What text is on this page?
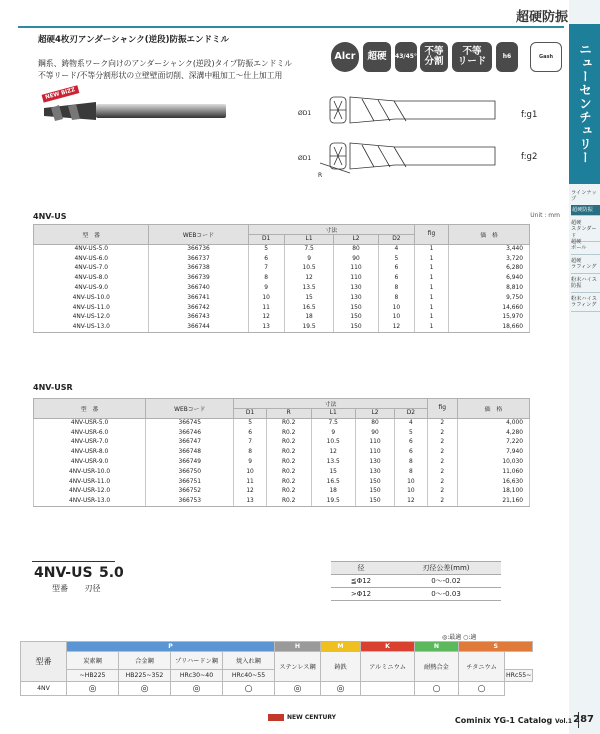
ニューセンチュリー
ラインナップ
超硬防振
超硬
スタンダード
超硬
ボール
超硬
ラフィング
粉末ハイス
防振
粉末ハイス
ラフィング
超硬防振
超硬4枚刃アンダーシャンク(逆段)防振エンドミル
鋼系、鋳物系ワーク向けのアンダーシャンク(逆段)タイプ防振エンドミル
不等リード/不等分割形状の立壁壁面切削、深溝中粗加工～仕上加工用
NEW BIZZ
Alcr	超硬	43/45° 不等
分割
不等
リード	h6	Gash
ØD1
ØD1
R
f:g1
f:g2
4NV-US	Unit : mm
型　番	WEBコード	寸法				fig	価　格
		D1	L1	L2	D2		
4NV-US-5.0	366736	5	7.5	80	4	1	3,440
4NV-US-6.0	366737	6	9	90	5	1	3,720
4NV-US-7.0	366738	7	10.5	110	6	1	6,280
4NV-US-8.0	366739	8	12	110	6	1	6,940
4NV-US-9.0	366740	9	13.5	130	8	1	8,810
4NV-US-10.0	366741	10	15	130	8	1	9,750
4NV-US-11.0	366742	11	16.5	150	10	1	14,660
4NV-US-12.0	366743	12	18	150	10	1	15,970
4NV-US-13.0	366744	13	19.5	150	12	1	18,660
4NV-USR
型　番	WEBコード	寸法					fig	価　格
		D1	R	L1	L2	D2		
4NV-USR-5.0	366745	5	R0.2	7.5	80	4	2	4,000
4NV-USR-6.0	366746	6	R0.2	9	90	5	2	4,280
4NV-USR-7.0	366747	7	R0.2	10.5	110	6	2	7,220
4NV-USR-8.0	366748	8	R0.2	12	110	6	2	7,940
4NV-USR-9.0	366749	9	R0.2	13.5	130	8	2	10,030
4NV-USR-10.0	366750	10	R0.2	15	130	8	2	11,060
4NV-USR-11.0	366751	11	R0.2	16.5	150	10	2	16,630
4NV-USR-12.0	366752	12	R0.2	18	150	10	2	18,100
4NV-USR-13.0	366753	13	R0.2	19.5	150	12	2	21,160
4NV-US 5.0
型番 刃径
径	刃径公差(mm)
≦Φ12	0～-0.02
>Φ12	0～-0.03
◎:最適 ○:適
型番	P				H	M	K	N	S	
	炭素鋼	合金鋼	プリハードン鋼	焼入れ鋼	ステンレス鋼	鋳鉄	アルミニウム	耐熱合金	チタニウム	
	~HB225	HB225~352	HRc30~40	HRc40~55						HRc55~
4NV	◎	◎	◎	○	◎	◎		○	○	
NEW CENTURY	Cominix YG-1 Catalog Vol.1 287
